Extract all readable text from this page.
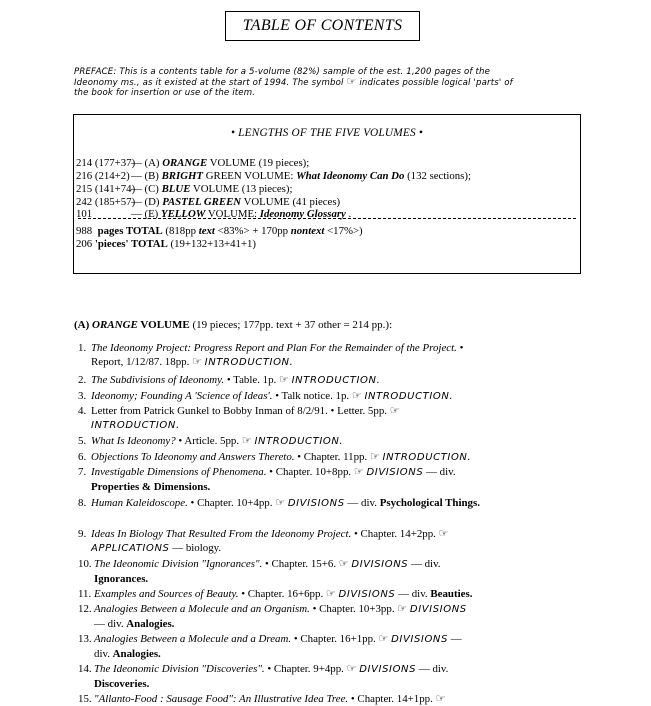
TABLE OF CONTENTS
PREFACE: This is a contents table for a 5-volume (82%) sample of the est. 1,200 pages of the
Ideonomy ms., as it existed at the start of 1994. The symbol ☞ indicates possible logical 'parts' of
the book for insertion or use of the item.
• LENGTHS OF THE FIVE VOLUMES •
214 (177+37)— (A) ORANGE VOLUME (19 pieces);
216 (214+2)— (B) BRIGHT GREEN VOLUME: What Ideonomy Can Do (132 sections);
215 (141+74)— (C) BLUE VOLUME (13 pieces);
242 (185+57)— (D) PASTEL GREEN VOLUME (41 pieces)
101	— (E) YELLOW VOLUME: Ideonomy Glossary .
988 pages TOTAL (818pp text <83%> + 170pp nontext <17%>)
206 'pieces' TOTAL (19+132+13+41+1)
(A) ORANGE VOLUME (19 pieces; 177pp. text + 37 other = 214 pp.):
1. The Ideonomy Project: Progress Report and Plan For the Remainder of the Project. •
Report, 1/12/87. 18pp. ☞ INTRODUCTION.
2. The Subdivisions of Ideonomy. • Table. 1p. ☞ INTRODUCTION.
3. Ideonomy; Founding A 'Science of Ideas'. • Talk notice. 1p. ☞ INTRODUCTION.
4. Letter from Patrick Gunkel to Bobby Inman of 8/2/91. • Letter. 5pp. ☞
INTRODUCTION.
5. What Is Ideonomy? • Article. 5pp. ☞ INTRODUCTION.
6. Objections To Ideonomy and Answers Thereto. • Chapter. 11pp. ☞ INTRODUCTION.
7. Investigable Dimensions of Phenomena. • Chapter. 10+8pp. ☞ DIVISIONS — div.
Properties & Dimensions.
8. Human Kaleidoscope. • Chapter. 10+4pp. ☞ DIVISIONS — div. Psychological Things.
9. Ideas In Biology That Resulted From the Ideonomy Project. • Chapter. 14+2pp. ☞
APPLICATIONS — biology.
10. The Ideonomic Division "Ignorances". • Chapter. 15+6. ☞ DIVISIONS — div.
Ignorances.
11. Examples and Sources of Beauty. • Chapter. 16+6pp. ☞ DIVISIONS — div. Beauties.
12. Analogies Between a Molecule and an Organism. • Chapter. 10+3pp. ☞ DIVISIONS
— div. Analogies.
13. Analogies Between a Molecule and a Dream. • Chapter. 16+1pp. ☞ DIVISIONS —
div. Analogies.
14. The Ideonomic Division "Discoveries". • Chapter. 9+4pp. ☞ DIVISIONS — div.
Discoveries.
15. "Allanto-Food : Sausage Food": An Illustrative Idea Tree. • Chapter. 14+1pp. ☞
